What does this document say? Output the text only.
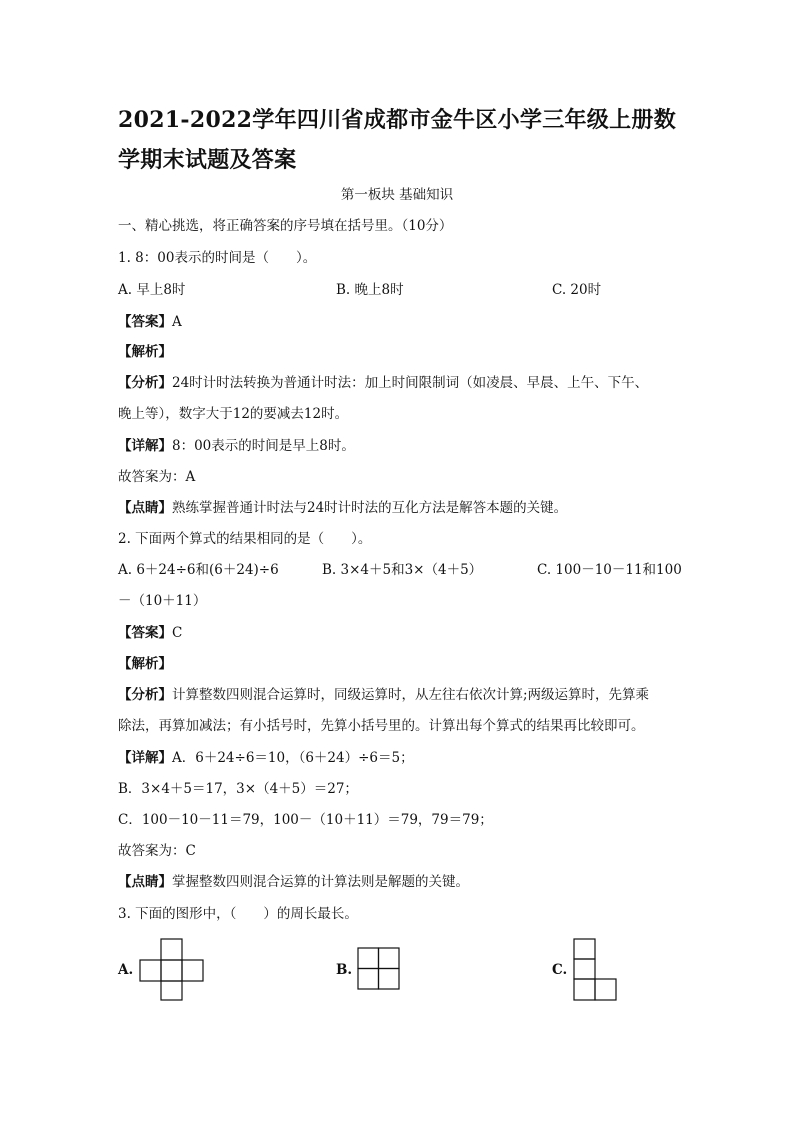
2021-2022学年四川省成都市金牛区小学三年级上册数学期末试题及答案
第一板块 基础知识
一、精心挑选，将正确答案的序号填在括号里。（10分）
1. 8：00表示的时间是（　　）。
A. 早上8时	B. 晚上8时	C. 20时
【答案】A
【解析】
【分析】24时计时法转换为普通计时法：加上时间限制词（如凌晨、早晨、上午、下午、
晚上等），数字大于12的要减去12时。
【详解】8：00表示的时间是早上8时。
故答案为：A
【点睛】熟练掌握普通计时法与24时计时法的互化方法是解答本题的关键。
2. 下面两个算式的结果相同的是（　　）。
A. 6＋24÷6和(6＋24)÷6	B. 3×4＋5和3×（4＋5）	C. 100－10－11和100
－（10＋11）
【答案】C
【解析】
【分析】计算整数四则混合运算时，同级运算时，从左往右依次计算;两级运算时，先算乘
除法，再算加减法；有小括号时，先算小括号里的。计算出每个算式的结果再比较即可。
【详解】A．6＋24÷6＝10，（6＋24）÷6＝5；
B．3×4＋5＝17，3×（4＋5）＝27；
C．100－10－11＝79，100－（10＋11）＝79，79＝79；
故答案为：C
【点睛】掌握整数四则混合运算的计算法则是解题的关键。
3. 下面的图形中，（　　）的周长最长。
A.	B.	C.
